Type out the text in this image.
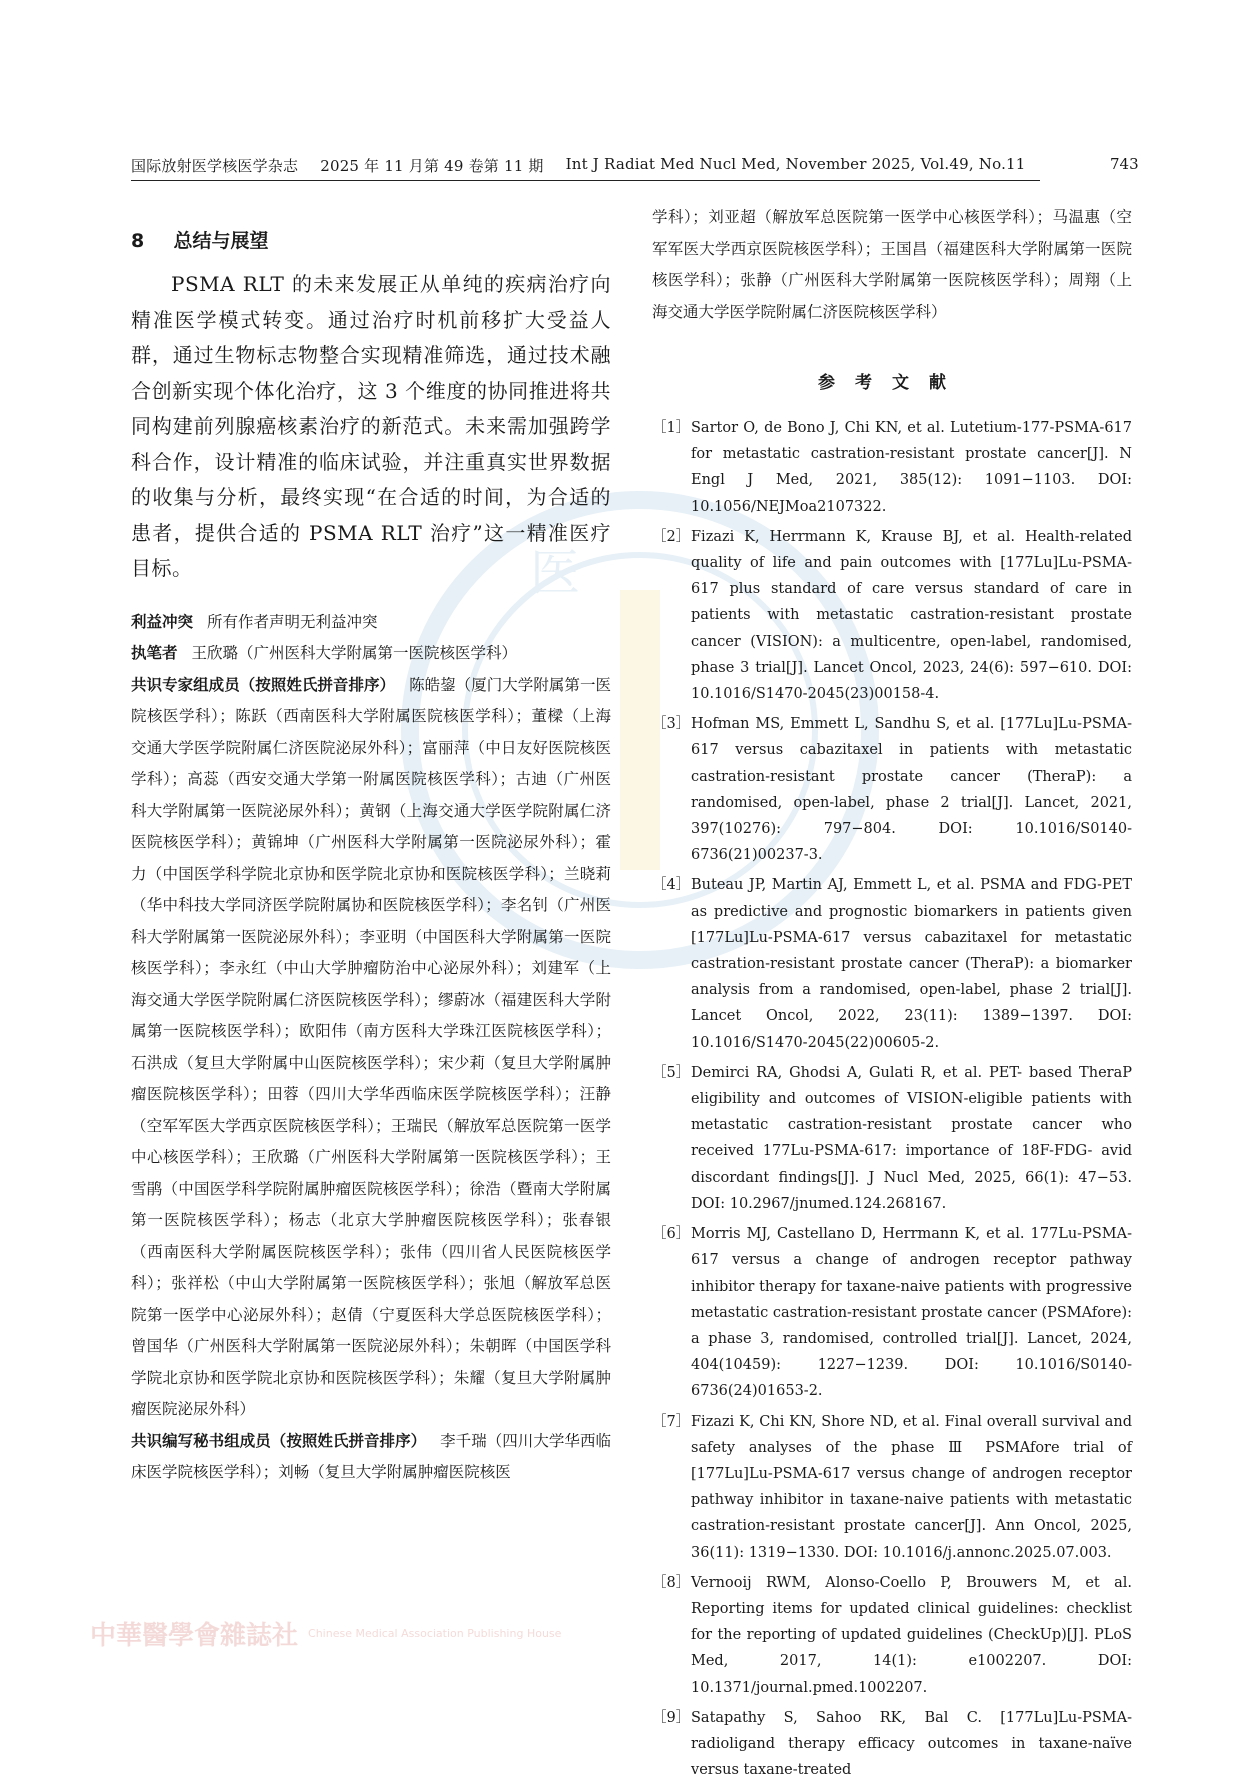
国际放射医学核医学杂志 2025 年 11 月第 49 卷第 11 期 Int J Radiat Med Nucl Med, November 2025, Vol.49, No.11	743
医
8 总结与展望

PSMA RLT 的未来发展正从单纯的疾病治疗向精准医学模式转变。通过治疗时机前移扩大受益人群，通过生物标志物整合实现精准筛选，通过技术融合创新实现个体化治疗，这 3 个维度的协同推进将共同构建前列腺癌核素治疗的新范式。未来需加强跨学科合作，设计精准的临床试验，并注重真实世界数据的收集与分析，最终实现“在合适的时间，为合适的患者，提供合适的 PSMA RLT 治疗”这一精准医疗目标。

利益冲突 所有作者声明无利益冲突

执笔者 王欣璐（广州医科大学附属第一医院核医学科）

共识专家组成员（按照姓氏拼音排序） 陈皓鋆（厦门大学附属第一医院核医学科）；陈跃（西南医科大学附属医院核医学科）；董樑（上海交通大学医学院附属仁济医院泌尿外科）；富丽萍（中日友好医院核医学科）；高蕊（西安交通大学第一附属医院核医学科）；古迪（广州医科大学附属第一医院泌尿外科）；黄钢（上海交通大学医学院附属仁济医院核医学科）；黄锦坤（广州医科大学附属第一医院泌尿外科）；霍力（中国医学科学院北京协和医学院北京协和医院核医学科）；兰晓莉（华中科技大学同济医学院附属协和医院核医学科）；李名钊（广州医科大学附属第一医院泌尿外科）；李亚明（中国医科大学附属第一医院核医学科）；李永红（中山大学肿瘤防治中心泌尿外科）；刘建军（上海交通大学医学院附属仁济医院核医学科）；缪蔚冰（福建医科大学附属第一医院核医学科）；欧阳伟（南方医科大学珠江医院核医学科）；石洪成（复旦大学附属中山医院核医学科）；宋少莉（复旦大学附属肿瘤医院核医学科）；田蓉（四川大学华西临床医学院核医学科）；汪静（空军军医大学西京医院核医学科）；王瑞民（解放军总医院第一医学中心核医学科）；王欣璐（广州医科大学附属第一医院核医学科）；王雪鹃（中国医学科学院附属肿瘤医院核医学科）；徐浩（暨南大学附属第一医院核医学科）；杨志（北京大学肿瘤医院核医学科）；张春银（西南医科大学附属医院核医学科）；张伟（四川省人民医院核医学科）；张祥松（中山大学附属第一医院核医学科）；张旭（解放军总医院第一医学中心泌尿外科）；赵倩（宁夏医科大学总医院核医学科）；曾国华（广州医科大学附属第一医院泌尿外科）；朱朝晖（中国医学科学院北京协和医学院北京协和医院核医学科）；朱耀（复旦大学附属肿瘤医院泌尿外科）

共识编写秘书组成员（按照姓氏拼音排序） 李千瑞（四川大学华西临床医学院核医学科）；刘畅（复旦大学附属肿瘤医院核医

学科）；刘亚超（解放军总医院第一医学中心核医学科）；马温惠（空军军医大学西京医院核医学科）；王国昌（福建医科大学附属第一医院核医学科）；张静（广州医科大学附属第一医院核医学科）；周翔（上海交通大学医学院附属仁济医院核医学科）

参考文献
［1］ Sartor O, de Bono J, Chi KN, et al. Lutetium-177-PSMA-617 for metastatic castration-resistant prostate cancer[J]. N Engl J Med, 2021, 385(12): 1091−1103. DOI: 10.1056/NEJMoa2107322.
［2］ Fizazi K, Herrmann K, Krause BJ, et al. Health-related quality of life and pain outcomes with [177Lu]Lu-PSMA-617 plus standard of care versus standard of care in patients with metastatic castration-resistant prostate cancer (VISION): a multicentre, open-label, randomised, phase 3 trial[J]. Lancet Oncol, 2023, 24(6): 597−610. DOI: 10.1016/S1470-2045(23)00158-4.
［3］ Hofman MS, Emmett L, Sandhu S, et al. [177Lu]Lu-PSMA-617 versus cabazitaxel in patients with metastatic castration-resistant prostate cancer (TheraP): a randomised, open-label, phase 2 trial[J]. Lancet, 2021, 397(10276): 797−804. DOI: 10.1016/S0140-6736(21)00237-3.
［4］ Buteau JP, Martin AJ, Emmett L, et al. PSMA and FDG-PET as predictive and prognostic biomarkers in patients given [177Lu]Lu-PSMA-617 versus cabazitaxel for metastatic castration-resistant prostate cancer (TheraP): a biomarker analysis from a randomised, open-label, phase 2 trial[J]. Lancet Oncol, 2022, 23(11): 1389−1397. DOI: 10.1016/S1470-2045(22)00605-2.
［5］ Demirci RA, Ghodsi A, Gulati R, et al. PET- based TheraP eligibility and outcomes of VISION-eligible patients with metastatic castration-resistant prostate cancer who received 177Lu-PSMA-617: importance of 18F-FDG- avid discordant findings[J]. J Nucl Med, 2025, 66(1): 47−53. DOI: 10.2967/jnumed.124.268167.
［6］ Morris MJ, Castellano D, Herrmann K, et al. 177Lu-PSMA-617 versus a change of androgen receptor pathway inhibitor therapy for taxane-naive patients with progressive metastatic castration-resistant prostate cancer (PSMAfore): a phase 3, randomised, controlled trial[J]. Lancet, 2024, 404(10459): 1227−1239. DOI: 10.1016/S0140-6736(24)01653-2.
［7］ Fizazi K, Chi KN, Shore ND, et al. Final overall survival and safety analyses of the phase Ⅲ PSMAfore trial of [177Lu]Lu-PSMA-617 versus change of androgen receptor pathway inhibitor in taxane-naive patients with metastatic castration-resistant prostate cancer[J]. Ann Oncol, 2025, 36(11): 1319−1330. DOI: 10.1016/j.annonc.2025.07.003.
［8］ Vernooij RWM, Alonso-Coello P, Brouwers M, et al. Reporting items for updated clinical guidelines: checklist for the reporting of updated guidelines (CheckUp)[J]. PLoS Med, 2017, 14(1): e1002207. DOI: 10.1371/journal.pmed.1002207.
［9］ Satapathy S, Sahoo RK, Bal C. [177Lu]Lu-PSMA-radioligand therapy efficacy outcomes in taxane-naïve versus taxane-treated
中華醫學會雜誌社 Chinese Medical Association Publishing House
